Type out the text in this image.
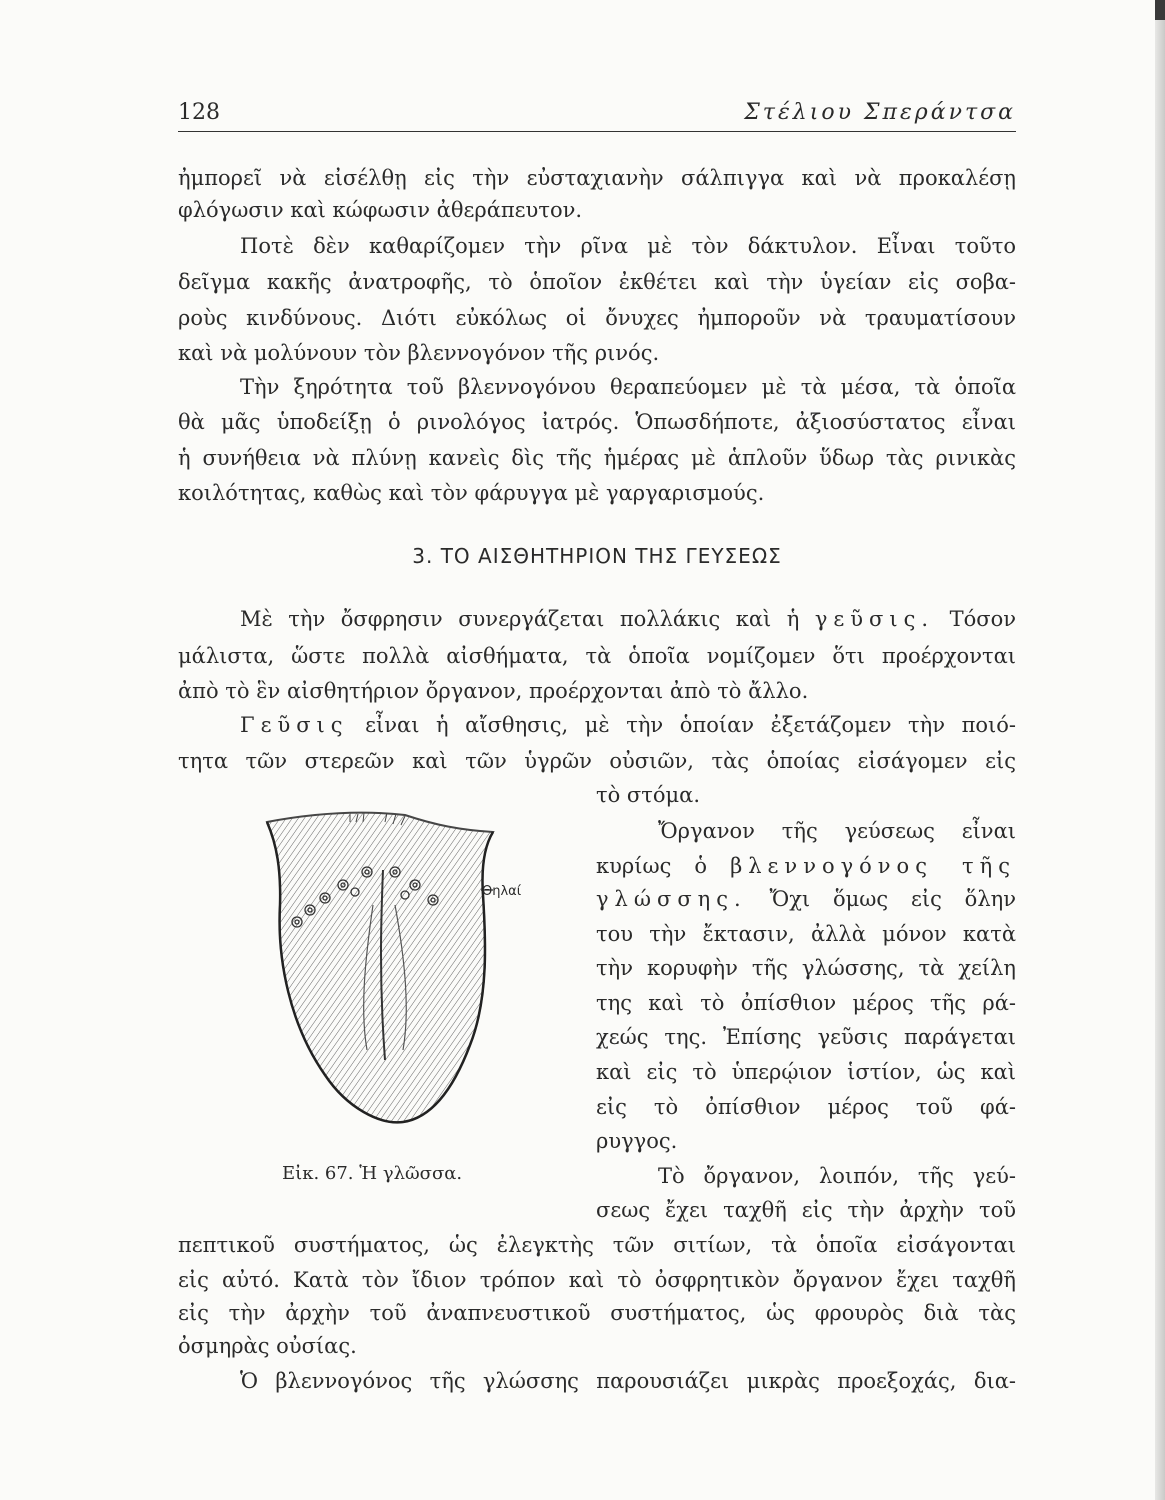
128	Στέλιου Σπεράντσα
ἠμπορεῖ νὰ εἰσέλθῃ εἰς τὴν εὐσταχιανὴν σάλπιγγα καὶ νὰ προκαλέσῃ
φλόγωσιν καὶ κώφωσιν ἀθεράπευτον.
Ποτὲ δὲν καθαρίζομεν τὴν ρῖνα μὲ τὸν δάκτυλον. Εἶναι τοῦτο
δεῖγμα κακῆς ἀνατροφῆς, τὸ ὁποῖον ἐκθέτει καὶ τὴν ὑγείαν εἰς σοβα-
ροὺς κινδύνους. Διότι εὐκόλως οἱ ὄνυχες ἠμποροῦν νὰ τραυματίσουν
καὶ νὰ μολύνουν τὸν βλεννογόνον τῆς ρινός.
Τὴν ξηρότητα τοῦ βλεννογόνου θεραπεύομεν μὲ τὰ μέσα, τὰ ὁποῖα
θὰ μᾶς ὑποδείξῃ ὁ ρινολόγος ἰατρός. Ὁπωσδήποτε, ἀξιοσύστατος εἶναι
ἡ συνήθεια νὰ πλύνῃ κανεὶς δὶς τῆς ἡμέρας μὲ ἁπλοῦν ὕδωρ τὰς ρινικὰς
κοιλότητας, καθὼς καὶ τὸν φάρυγγα μὲ γαργαρισμούς.
3. ΤΟ ΑΙΣΘΗΤΗΡΙΟΝ ΤΗΣ ΓΕΥΣΕΩΣ
Μὲ τὴν ὄσφρησιν συνεργάζεται πολλάκις καὶ ἡ γεῦσις. Τόσον
μάλιστα, ὥστε πολλὰ αἰσθήματα, τὰ ὁποῖα νομίζομεν ὅτι προέρχονται
ἀπὸ τὸ ἓν αἰσθητήριον ὄργανον, προέρχονται ἀπὸ τὸ ἄλλο.
Γεῦσις εἶναι ἡ αἴσθησις, μὲ τὴν ὁποίαν ἐξετάζομεν τὴν ποιό-
τητα τῶν στερεῶν καὶ τῶν ὑγρῶν οὐσιῶν, τὰς ὁποίας εἰσάγομεν εἰς
τὸ στόμα.
Ὄργανον τῆς γεύσεως εἶναι
κυρίως ὁ βλεννογόνος τῆς
γλώσσης. Ὄχι ὅμως εἰς ὅλην
του τὴν ἔκτασιν, ἀλλὰ μόνον κατὰ
τὴν κορυφὴν τῆς γλώσσης, τὰ χείλη
της καὶ τὸ ὀπίσθιον μέρος τῆς ρά-
χεώς της. Ἐπίσης γεῦσις παράγεται
καὶ εἰς τὸ ὑπερῴιον ἱστίον, ὡς καὶ
εἰς τὸ ὀπίσθιον μέρος τοῦ φά-
ρυγγος.
Θηλαί
Εἰκ. 67. Ἡ γλῶσσα.	Τὸ ὄργανον, λοιπόν, τῆς γεύ-
σεως ἔχει ταχθῆ εἰς τὴν ἀρχὴν τοῦ
πεπτικοῦ συστήματος, ὡς ἐλεγκτὴς τῶν σιτίων, τὰ ὁποῖα εἰσάγονται
εἰς αὐτό. Κατὰ τὸν ἴδιον τρόπον καὶ τὸ ὀσφρητικὸν ὄργανον ἔχει ταχθῆ
εἰς τὴν ἀρχὴν τοῦ ἀναπνευστικοῦ συστήματος, ὡς φρουρὸς διὰ τὰς
ὀσμηρὰς οὐσίας.
Ὁ βλεννογόνος τῆς γλώσσης παρουσιάζει μικρὰς προεξοχάς, δια-
